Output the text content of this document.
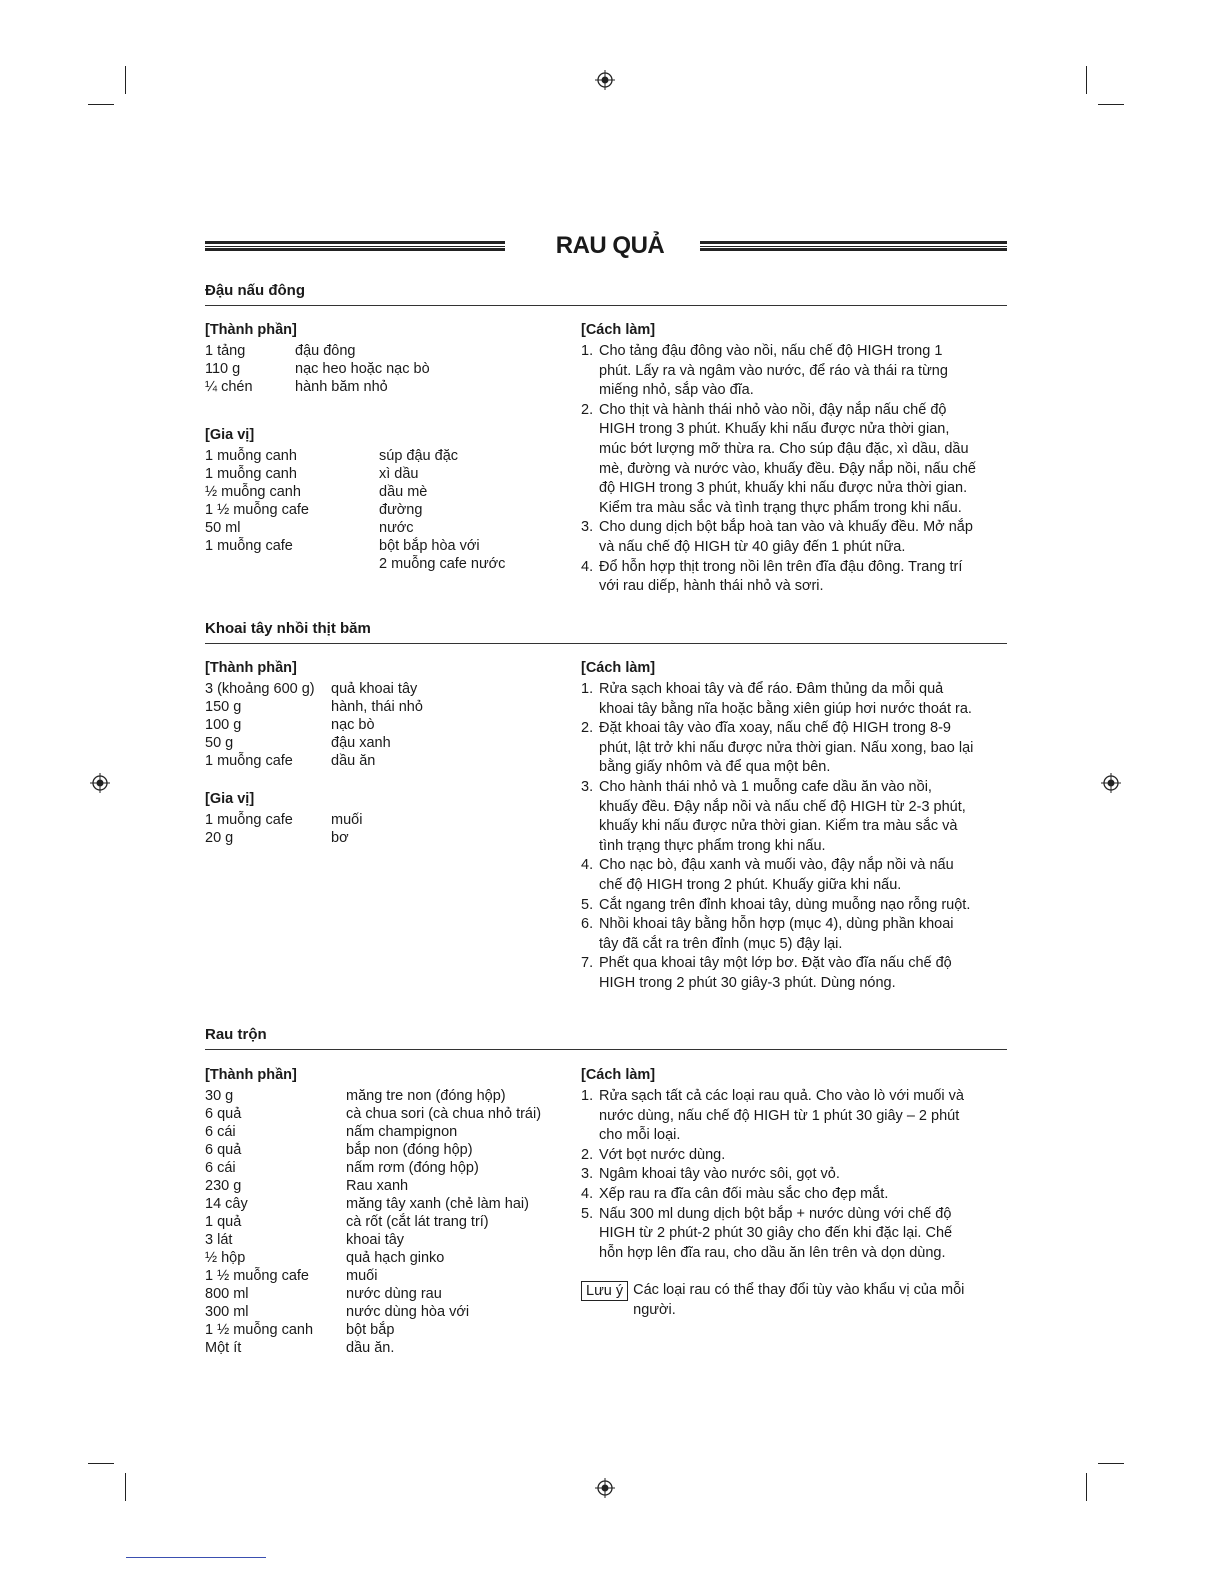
RAU QUẢ
Đậu nấu đông
[Thành phần]
1 tảng	đậu đông
110 g	nạc heo hoặc nạc bò
¼ chén	hành băm nhỏ
[Gia vị]
1 muỗng canh	súp đậu đặc
1 muỗng canh	xì dầu
½ muỗng canh	dầu mè
1 ½ muỗng cafe	đường
50 ml	nước
1 muỗng cafe	bột bắp hòa với
2 muỗng cafe nước
[Cách làm]
1. Cho tảng đậu đông vào nồi, nấu chế độ HIGH trong 1
phút. Lấy ra và ngâm vào nước, để ráo và thái ra từng
miếng nhỏ, sắp vào đĩa.
2. Cho thịt và hành thái nhỏ vào nồi, đậy nắp nấu chế độ
HIGH trong 3 phút. Khuấy khi nấu được nửa thời gian,
múc bớt lượng mỡ thừa ra. Cho súp đậu đặc, xì dầu, dầu
mè, đường và nước vào, khuấy đều. Đậy nắp nồi, nấu chế
độ HIGH trong 3 phút, khuấy khi nấu được nửa thời gian.
Kiểm tra màu sắc và tình trạng thực phẩm trong khi nấu.
3. Cho dung dịch bột bắp hoà tan vào và khuấy đều. Mở nắp
và nấu chế độ HIGH từ 40 giây đến 1 phút nữa.
4. Đổ hỗn hợp thịt trong nồi lên trên đĩa đậu đông. Trang trí
với rau diếp, hành thái nhỏ và sơri.
Khoai tây nhồi thịt băm
[Thành phần]
3 (khoảng 600 g)	quả khoai tây
150 g	hành, thái nhỏ
100 g	nạc bò
50 g	đậu xanh
1 muỗng cafe	dầu ăn
[Gia vị]
1 muỗng cafe	muối
20 g	bơ
[Cách làm]
1. Rửa sạch khoai tây và để ráo. Đâm thủng da mỗi quả
khoai tây bằng nĩa hoặc bằng xiên giúp hơi nước thoát ra.
2. Đặt khoai tây vào đĩa xoay, nấu chế độ HIGH trong 8-9
phút, lật trở khi nấu được nửa thời gian. Nấu xong, bao lại
bằng giấy nhôm và để qua một bên.
3. Cho hành thái nhỏ và 1 muỗng cafe dầu ăn vào nồi,
khuấy đều. Đậy nắp nồi và nấu chế độ HIGH từ 2-3 phút,
khuấy khi nấu được nửa thời gian. Kiểm tra màu sắc và
tình trạng thực phẩm trong khi nấu.
4. Cho nạc bò, đậu xanh và muối vào, đậy nắp nồi và nấu
chế độ HIGH trong 2 phút. Khuấy giữa khi nấu.
5. Cắt ngang trên đỉnh khoai tây, dùng muỗng nạo rỗng ruột.
6. Nhồi khoai tây bằng hỗn hợp (mục 4), dùng phần khoai
tây đã cắt ra trên đỉnh (mục 5) đậy lại.
7. Phết qua khoai tây một lớp bơ. Đặt vào đĩa nấu chế độ
HIGH trong 2 phút 30 giây-3 phút. Dùng nóng.
Rau trộn
[Thành phần]
30 g	măng tre non (đóng hộp)
6 quả	cà chua sori (cà chua nhỏ trái)
6 cái	nấm champignon
6 quả	bắp non (đóng hộp)
6 cái	nấm rơm (đóng hộp)
230 g	Rau xanh
14 cây	măng tây xanh (chẻ làm hai)
1 quả	cà rốt (cắt lát trang trí)
3 lát	khoai tây
½ hộp	quả hạch ginko
1 ½ muỗng cafe	muối
800 ml	nước dùng rau
300 ml	nước dùng hòa với
1 ½ muỗng canh	bột bắp
Một ít	dầu ăn.
[Cách làm]
1. Rửa sạch tất cả các loại rau quả. Cho vào lò với muối và
nước dùng, nấu chế độ HIGH từ 1 phút 30 giây – 2 phút
cho mỗi loại.
2. Vớt bọt nước dùng.
3. Ngâm khoai tây vào nước sôi, gọt vỏ.
4. Xếp rau ra đĩa cân đối màu sắc cho đẹp mắt.
5. Nấu 300 ml dung dịch bột bắp + nước dùng với chế độ
HIGH từ 2 phút-2 phút 30 giây cho đến khi đặc lại. Chế
hỗn hợp lên đĩa rau, cho dầu ăn lên trên và dọn dùng.
Lưu ý Các loại rau có thể thay đổi tùy vào khẩu vị của mỗi
người.
